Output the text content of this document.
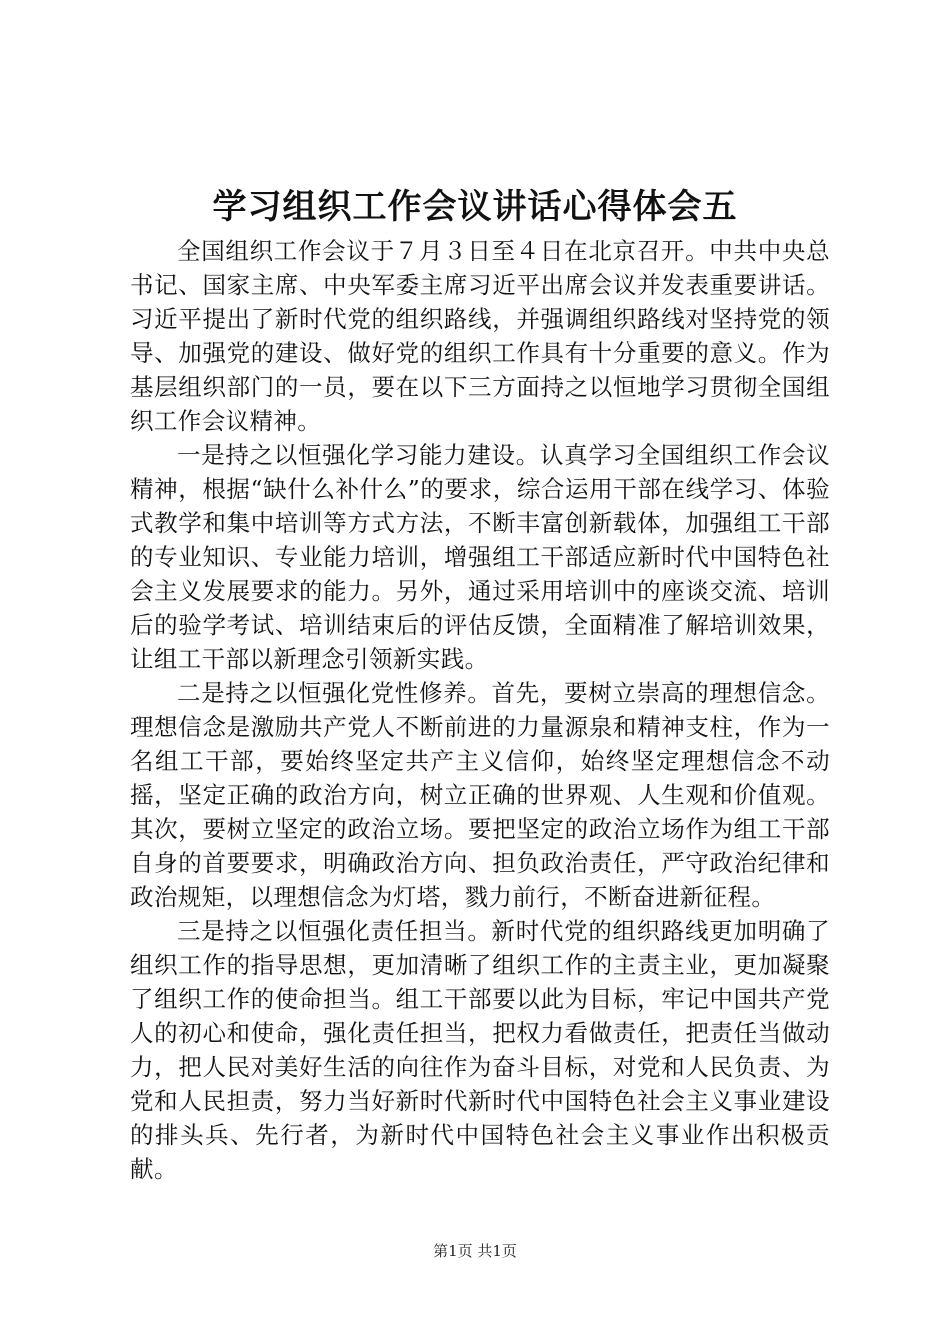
学习组织工作会议讲话心得体会五

全国组织工作会议于７月３日至４日在北京召开。中共中央总书记、国家主席、中央军委主席习近平出席会议并发表重要讲话。习近平提出了新时代党的组织路线，并强调组织路线对坚持党的领导、加强党的建设、做好党的组织工作具有十分重要的意义。作为基层组织部门的一员，要在以下三方面持之以恒地学习贯彻全国组织工作会议精神。

一是持之以恒强化学习能力建设。认真学习全国组织工作会议精神，根据“缺什么补什么”的要求，综合运用干部在线学习、体验式教学和集中培训等方式方法，不断丰富创新载体，加强组工干部的专业知识、专业能力培训，增强组工干部适应新时代中国特色社会主义发展要求的能力。另外，通过采用培训中的座谈交流、培训后的验学考试、培训结束后的评估反馈，全面精准了解培训效果，让组工干部以新理念引领新实践。

二是持之以恒强化党性修养。首先，要树立崇高的理想信念。理想信念是激励共产党人不断前进的力量源泉和精神支柱，作为一名组工干部，要始终坚定共产主义信仰，始终坚定理想信念不动摇，坚定正确的政治方向，树立正确的世界观、人生观和价值观。其次，要树立坚定的政治立场。要把坚定的政治立场作为组工干部自身的首要要求，明确政治方向、担负政治责任，严守政治纪律和政治规矩，以理想信念为灯塔，戮力前行，不断奋进新征程。

三是持之以恒强化责任担当。新时代党的组织路线更加明确了组织工作的指导思想，更加清晰了组织工作的主责主业，更加凝聚了组织工作的使命担当。组工干部要以此为目标，牢记中国共产党人的初心和使命，强化责任担当，把权力看做责任，把责任当做动力，把人民对美好生活的向往作为奋斗目标，对党和人民负责、为党和人民担责，努力当好新时代新时代中国特色社会主义事业建设的排头兵、先行者，为新时代中国特色社会主义事业作出积极贡献。

第1页 共1页
